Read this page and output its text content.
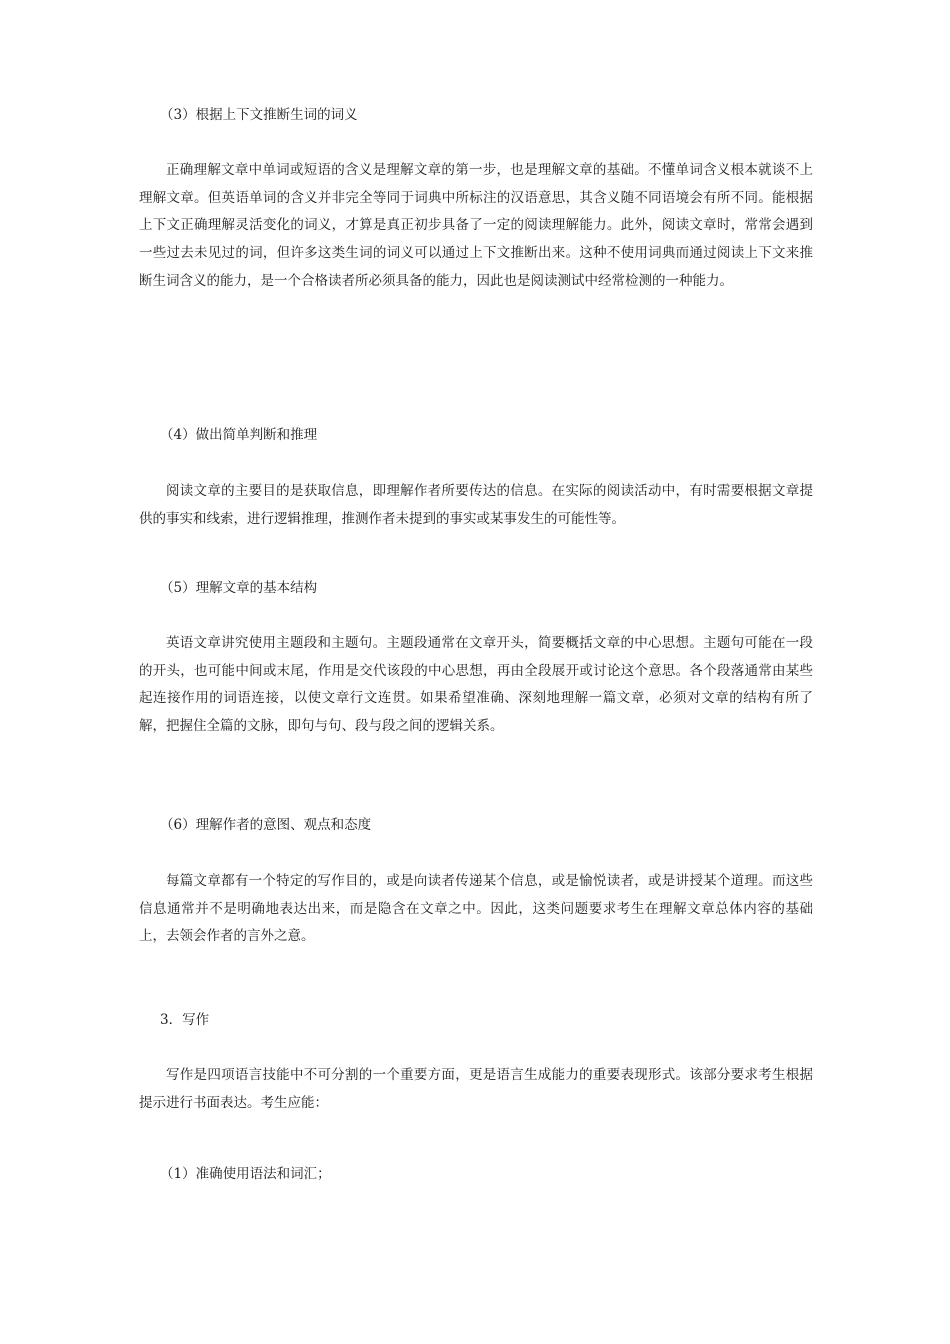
（3）根据上下文推断生词的词义

正确理解文章中单词或短语的含义是理解文章的第一步，也是理解文章的基础。不懂单词含义根本就谈不上理解文章。但英语单词的含义并非完全等同于词典中所标注的汉语意思，其含义随不同语境会有所不同。能根据上下文正确理解灵活变化的词义，才算是真正初步具备了一定的阅读理解能力。此外，阅读文章时，常常会遇到一些过去未见过的词，但许多这类生词的词义可以通过上下文推断出来。这种不使用词典而通过阅读上下文来推断生词含义的能力，是一个合格读者所必须具备的能力，因此也是阅读测试中经常检测的一种能力。

（4）做出简单判断和推理

阅读文章的主要目的是获取信息，即理解作者所要传达的信息。在实际的阅读活动中，有时需要根据文章提供的事实和线索，进行逻辑推理，推测作者未提到的事实或某事发生的可能性等。

（5）理解文章的基本结构

英语文章讲究使用主题段和主题句。主题段通常在文章开头，简要概括文章的中心思想。主题句可能在一段的开头，也可能中间或末尾，作用是交代该段的中心思想，再由全段展开或讨论这个意思。各个段落通常由某些起连接作用的词语连接，以使文章行文连贯。如果希望准确、深刻地理解一篇文章，必须对文章的结构有所了解，把握住全篇的文脉，即句与句、段与段之间的逻辑关系。

（6）理解作者的意图、观点和态度

每篇文章都有一个特定的写作目的，或是向读者传递某个信息，或是愉悦读者，或是讲授某个道理。而这些信息通常并不是明确地表达出来，而是隐含在文章之中。因此，这类问题要求考生在理解文章总体内容的基础上，去领会作者的言外之意。

3．写作

写作是四项语言技能中不可分割的一个重要方面，更是语言生成能力的重要表现形式。该部分要求考生根据提示进行书面表达。考生应能：

（1）准确使用语法和词汇；
